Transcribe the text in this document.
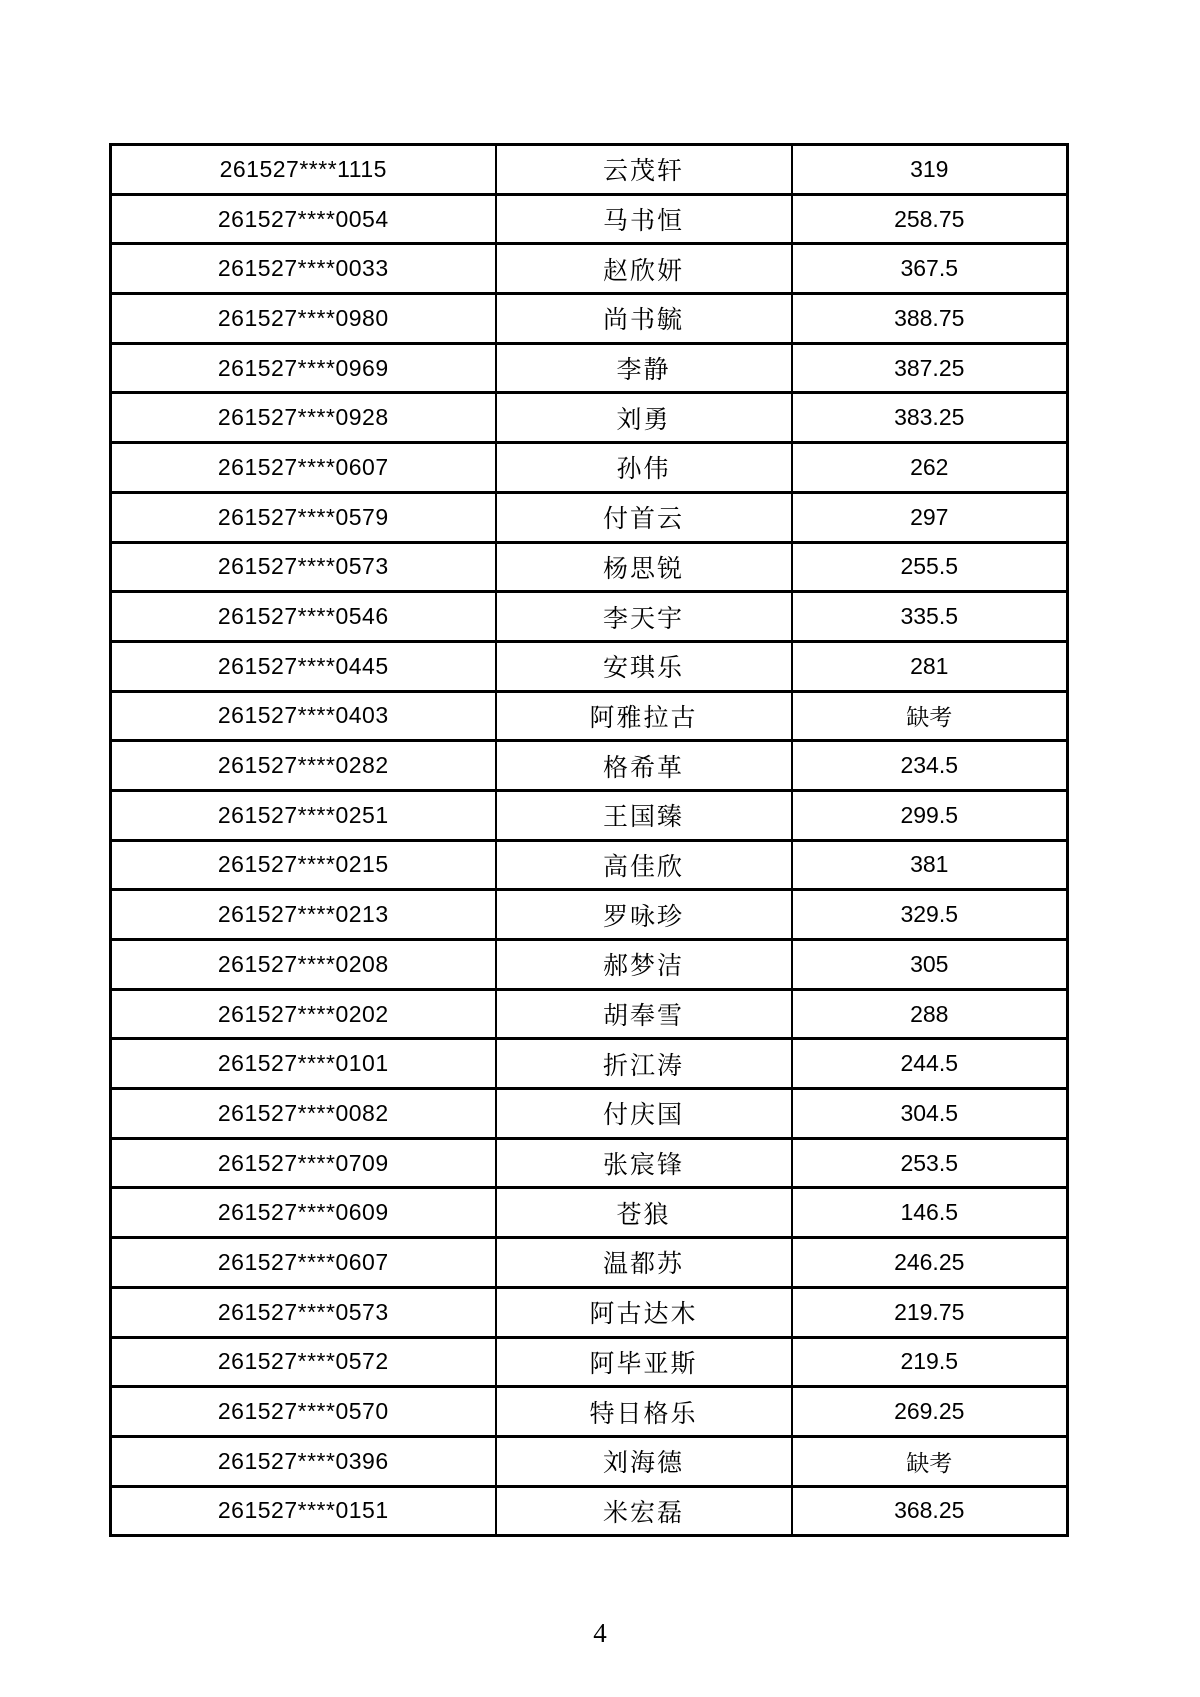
261527****1115	云茂轩	319
261527****0054	马书恒	258.75
261527****0033	赵欣妍	367.5
261527****0980	尚书毓	388.75
261527****0969	李静	387.25
261527****0928	刘勇	383.25
261527****0607	孙伟	262
261527****0579	付首云	297
261527****0573	杨思锐	255.5
261527****0546	李天宇	335.5
261527****0445	安琪乐	281
261527****0403	阿雅拉古	缺考
261527****0282	格希革	234.5
261527****0251	王国臻	299.5
261527****0215	高佳欣	381
261527****0213	罗咏珍	329.5
261527****0208	郝梦洁	305
261527****0202	胡奉雪	288
261527****0101	折江涛	244.5
261527****0082	付庆国	304.5
261527****0709	张宸锋	253.5
261527****0609	苍狼	146.5
261527****0607	温都苏	246.25
261527****0573	阿古达木	219.75
261527****0572	阿毕亚斯	219.5
261527****0570	特日格乐	269.25
261527****0396	刘海德	缺考
261527****0151	米宏磊	368.25
4
